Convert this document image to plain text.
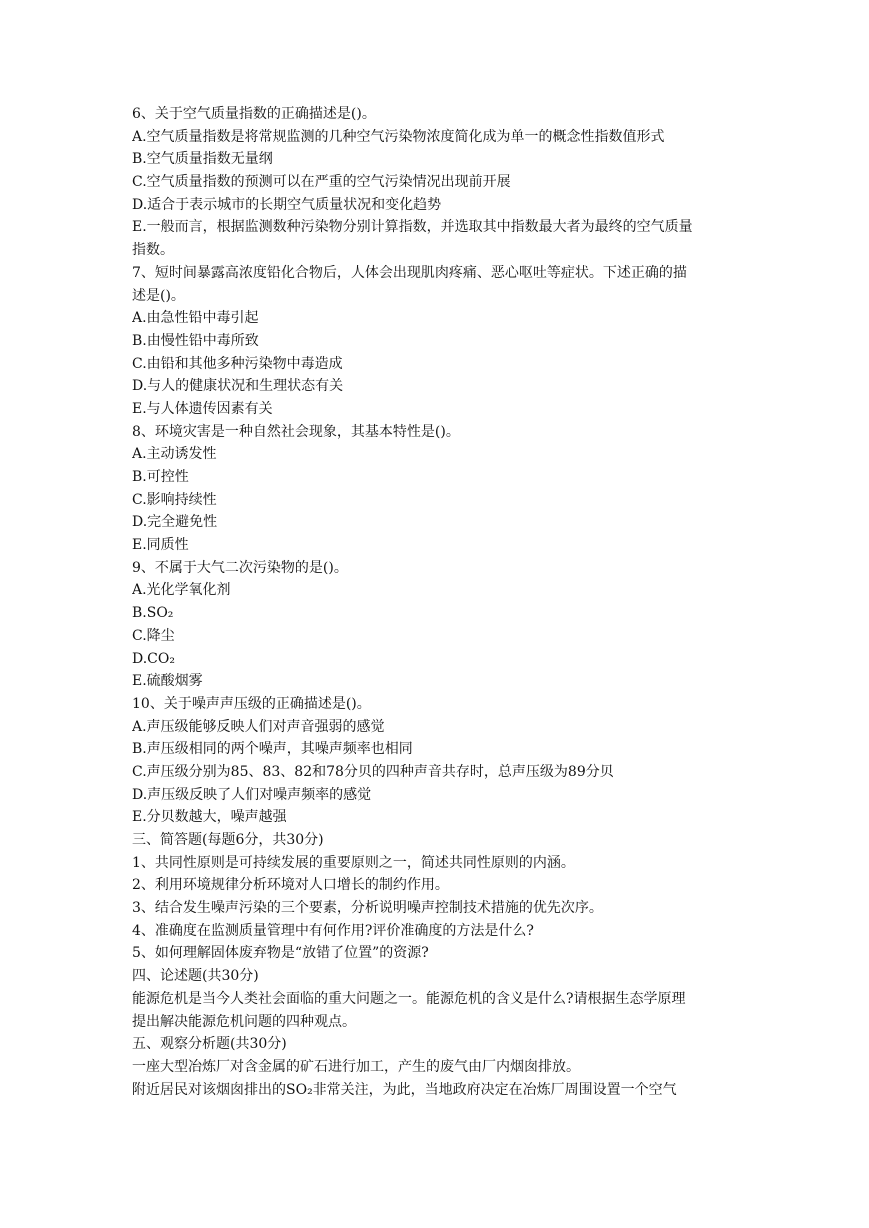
6、关于空气质量指数的正确描述是()。
A.空气质量指数是将常规监测的几种空气污染物浓度简化成为单一的概念性指数值形式
B.空气质量指数无量纲
C.空气质量指数的预测可以在严重的空气污染情况出现前开展
D.适合于表示城市的长期空气质量状况和变化趋势
E.一般而言，根据监测数种污染物分别计算指数，并选取其中指数最大者为最终的空气质量
指数。
7、短时间暴露高浓度铅化合物后，人体会出现肌肉疼痛、恶心呕吐等症状。下述正确的描
述是()。
A.由急性铅中毒引起
B.由慢性铅中毒所致
C.由铅和其他多种污染物中毒造成
D.与人的健康状况和生理状态有关
E.与人体遗传因素有关
8、环境灾害是一种自然社会现象，其基本特性是()。
A.主动诱发性
B.可控性
C.影响持续性
D.完全避免性
E.同质性
9、不属于大气二次污染物的是()。
A.光化学氧化剂
B.SO₂
C.降尘
D.CO₂
E.硫酸烟雾
10、关于噪声声压级的正确描述是()。
A.声压级能够反映人们对声音强弱的感觉
B.声压级相同的两个噪声，其噪声频率也相同
C.声压级分别为85、83、82和78分贝的四种声音共存时，总声压级为89分贝
D.声压级反映了人们对噪声频率的感觉
E.分贝数越大，噪声越强
三、简答题(每题6分，共30分)
1、共同性原则是可持续发展的重要原则之一，简述共同性原则的内涵。
2、利用环境规律分析环境对人口增长的制约作用。
3、结合发生噪声污染的三个要素，分析说明噪声控制技术措施的优先次序。
4、准确度在监测质量管理中有何作用?评价准确度的方法是什么?
5、如何理解固体废弃物是“放错了位置”的资源?
四、论述题(共30分)
能源危机是当今人类社会面临的重大问题之一。能源危机的含义是什么?请根据生态学原理
提出解决能源危机问题的四种观点。
五、观察分析题(共30分)
一座大型冶炼厂对含金属的矿石进行加工，产生的废气由厂内烟囱排放。
附近居民对该烟囱排出的SO₂非常关注，为此，当地政府决定在冶炼厂周围设置一个空气
